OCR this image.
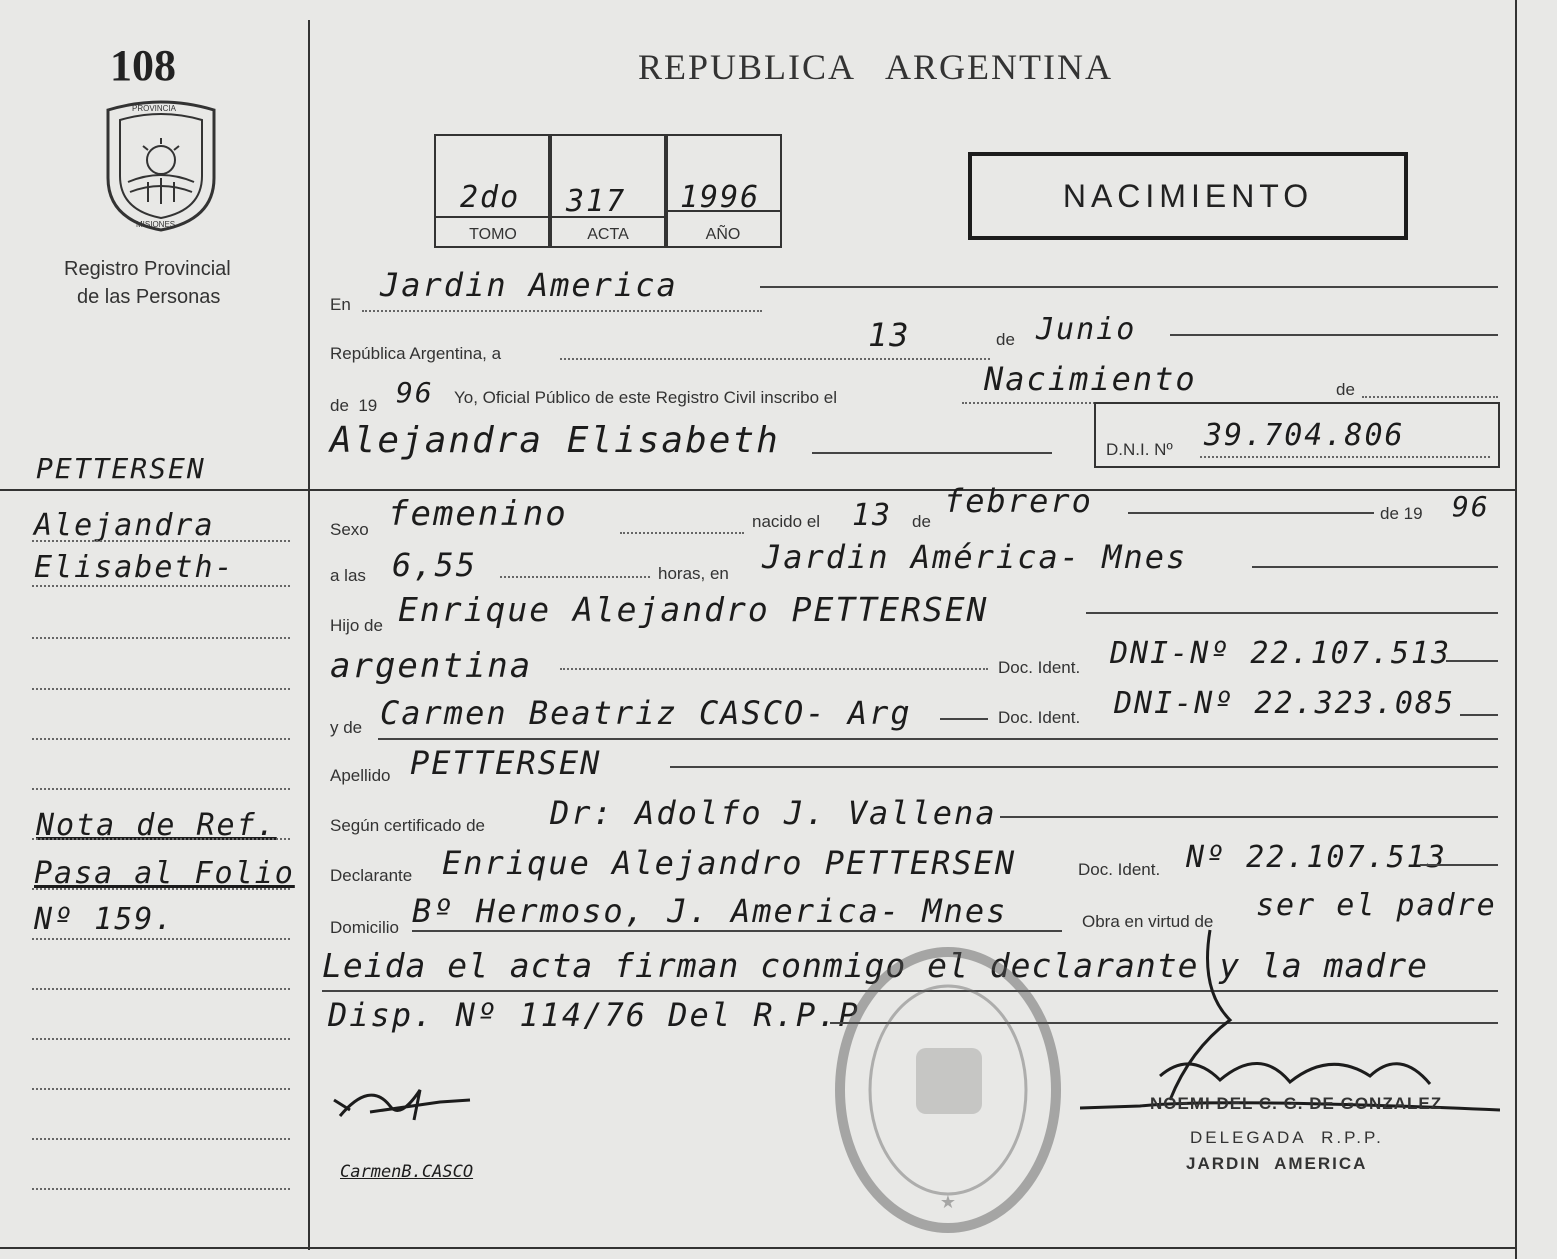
108
PROVINCIA
MISIONES
Registro Provincial
de las Personas
PETTERSEN
Alejandra
Elisabeth-
Nota de Ref.
Pasa al Folio
Nº 159.
REPUBLICA   ARGENTINA
2do
TOMO
317
ACTA
1996
AÑO
NACIMIENTO
En
Jardin America
República Argentina, a	13	de Junio
de  19 96 Yo, Oficial Público de este Registro Civil inscribo el	Nacimiento	de
Alejandra Elisabeth	D.N.I. Nº 39.704.806
Sexo femenino	nacido el 13 de
febrero	de 19 96
a las 6,55	horas, en Jardin América- Mnes
Hijo de Enrique Alejandro PETTERSEN
argentina	Doc. Ident. DNI-Nº 22.107.513
y de Carmen Beatriz CASCO- Arg	Doc. Ident. DNI-Nº 22.323.085
Apellido PETTERSEN
Según certificado de Dr: Adolfo J. Vallena
Declarante Enrique Alejandro PETTERSEN	Doc. Ident. Nº 22.107.513
Domicilio Bº Hermoso, J. America- Mnes	Obra en virtud de ser el padre
Leida el acta firman conmigo el declarante y la madre
Disp. Nº 114/76 Del R.P.P
★
CarmenB.CASCO
NOEMI DEL C. G. DE GONZALEZ
DELEGADA  R.P.P.
JARDIN  AMERICA
